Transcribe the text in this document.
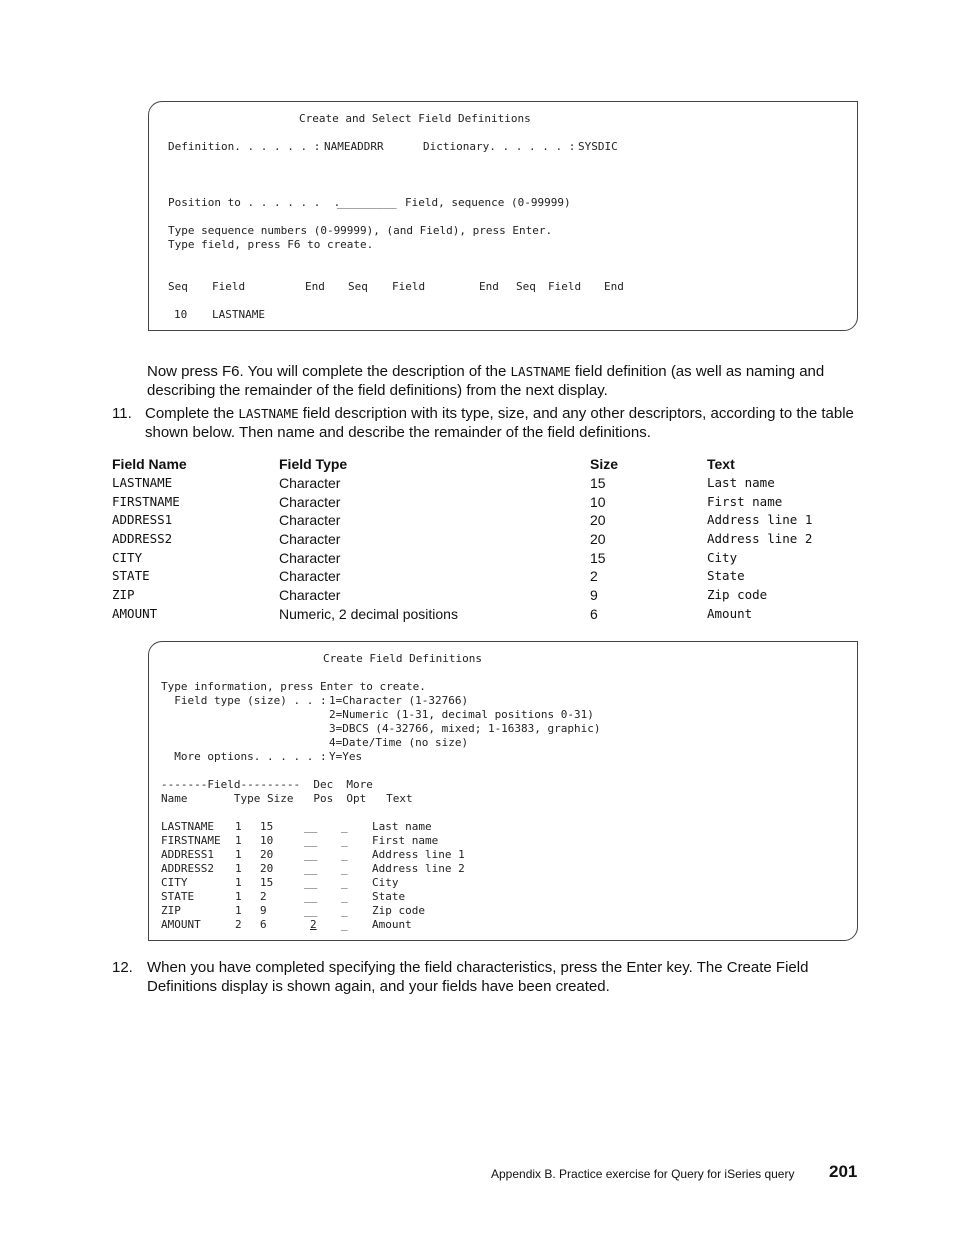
Create and Select Field Definitions
Definition. . . . . . : NAMEADDRR	Dictionary. . . . . . : SYSDIC
Position to . . . . . .  .
_________ Field, sequence (0-99999)
Type sequence numbers (0-99999), (and Field), press Enter.
Type field, press F6 to create.
Seq Field	End Seq Field	End Seq Field End
10 LASTNAME
Now press F6. You will complete the description of the LASTNAME field definition (as well as naming and describing the remainder of the field definitions) from the next display.
11. Complete the LASTNAME field description with its type, size, and any other descriptors, according to the table shown below. Then name and describe the remainder of the field definitions.
Field Name	Field Type	Size	Text
LASTNAME	Character	15	Last name
FIRSTNAME	Character	10	First name
ADDRESS1	Character	20	Address line 1
ADDRESS2	Character	20	Address line 2
CITY	Character	15	City
STATE	Character	2	State
ZIP	Character	9	Zip code
AMOUNT	Numeric, 2 decimal positions	6	Amount
Create Field Definitions
Type information, press Enter to create.
Field type (size) . . : 1=Character (1-32766)
2=Numeric (1-31, decimal positions 0-31)
3=DBCS (4-32766, mixed; 1-16383, graphic)
4=Date/Time (no size)
More options. . . . . : Y=Yes
-------Field---------  Dec  More
Name       Type Size   Pos  Opt   Text
LASTNAME 1 15	__ _ Last name
FIRSTNAME 1 10	__ _ First name
ADDRESS1 1 20	__ _ Address line 1
ADDRESS2 1 20	__ _ Address line 2
CITY	1 15	__ _ City
STATE	1 2	__ _ State
ZIP	1 9	__ _ Zip code
AMOUNT	2 6	2 _ Amount
12. When you have completed specifying the field characteristics, press the Enter key. The Create Field Definitions display is shown again, and your fields have been created.
Appendix B. Practice exercise for Query for iSeries query 201
